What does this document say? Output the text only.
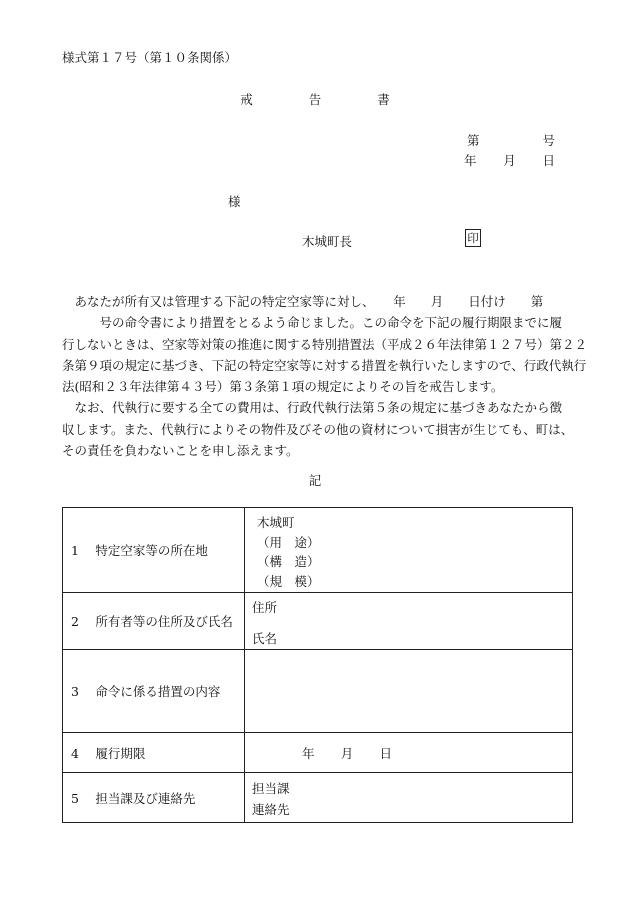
様式第１７号（第１０条関係）
戒	告	書
第	号
年 月 日
様
木城町長	印

　あなたが所有又は管理する下記の特定空家等に対し、　　年　　月　　日付け　　第

　　　号の命令書により措置をとるよう命じました。この命令を下記の履行期限までに履

行しないときは、空家等対策の推進に関する特別措置法（平成２６年法律第１２７号）第２２

条第９項の規定に基づき、下記の特定空家等に対する措置を執行いたしますので、行政代執行

法(昭和２３年法律第４３号）第３条第１項の規定によりその旨を戒告します。

　なお、代執行に要する全ての費用は、行政代執行法第５条の規定に基づきあなたから徴

収します。また、代執行によりその物件及びその他の資材について損害が生じても、町は、

その責任を負わないことを申し添えます。

記
1　 特定空家等の所在地	木城町
（用　途）
（構　造）
（規　模）

2　 所有者等の住所及び氏名	住所
氏名

3　 命令に係る措置の内容	
4　 履行期限	年 月 日

5　 担当課及び連絡先	担当課
連絡先
